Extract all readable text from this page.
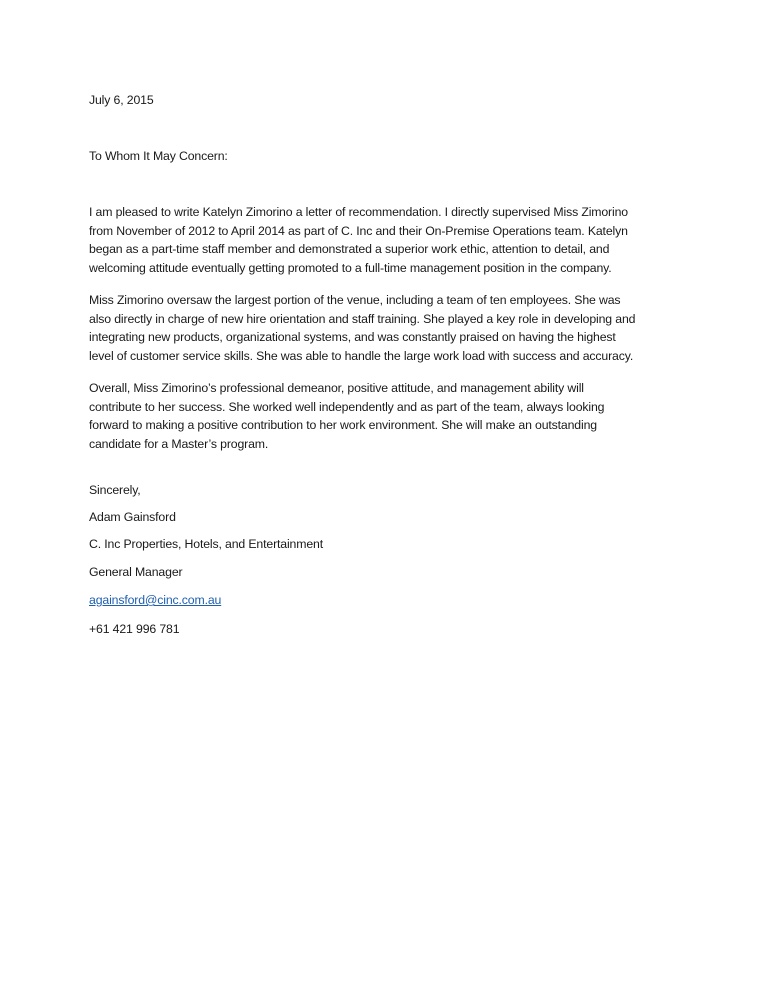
July 6, 2015
To Whom It May Concern:
I am pleased to write Katelyn Zimorino a letter of recommendation. I directly supervised Miss Zimorino
from November of 2012 to April 2014 as part of C. Inc and their On-Premise Operations team. Katelyn
began as a part-time staff member and demonstrated a superior work ethic, attention to detail, and
welcoming attitude eventually getting promoted to a full-time management position in the company.
Miss Zimorino oversaw the largest portion of the venue, including a team of ten employees. She was
also directly in charge of new hire orientation and staff training. She played a key role in developing and
integrating new products, organizational systems, and was constantly praised on having the highest
level of customer service skills. She was able to handle the large work load with success and accuracy.
Overall, Miss Zimorino’s professional demeanor, positive attitude, and management ability will
contribute to her success. She worked well independently and as part of the team, always looking
forward to making a positive contribution to her work environment. She will make an outstanding
candidate for a Master’s program.
Sincerely,
Adam Gainsford
C. Inc Properties, Hotels, and Entertainment
General Manager
againsford@cinc.com.au
+61 421 996 781
